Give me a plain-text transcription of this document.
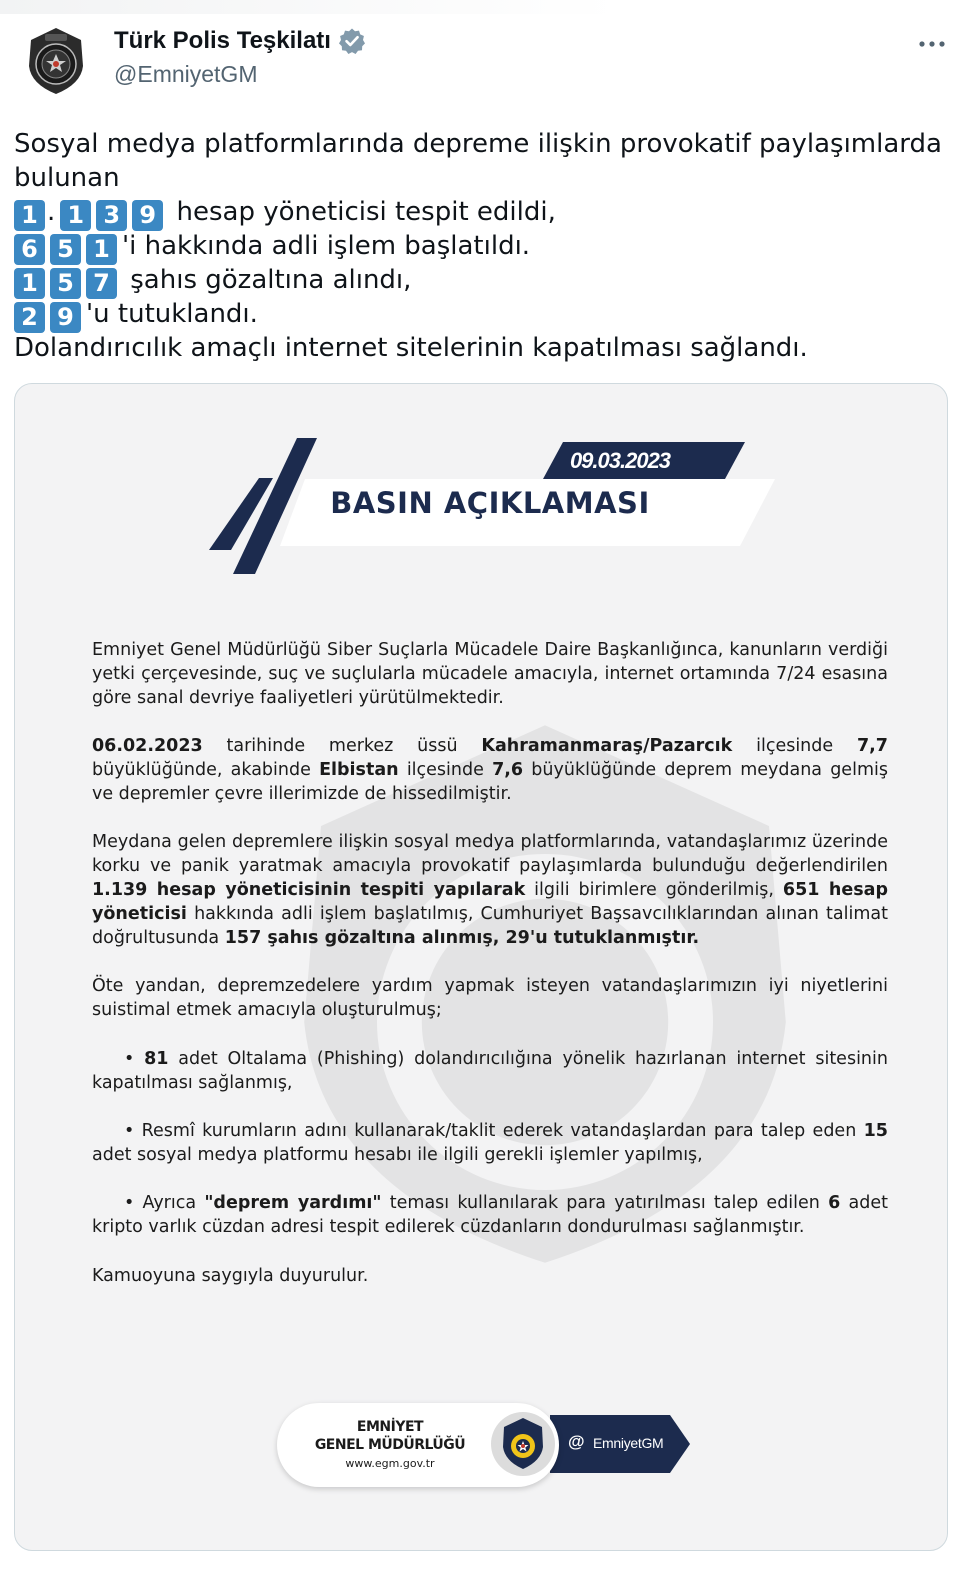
Türk Polis Teşkilatı
@EmniyetGM
Sosyal medya platformlarında depreme ilişkin provokatif paylaşımlarda
bulunan
1 . 1 3 9 hesap yöneticisi tespit edildi,
6 5 1 'i hakkında adli işlem başlatıldı.
1 5 7 şahıs gözaltına alındı,
2 9 'u tutuklandı.
Dolandırıcılık amaçlı internet sitelerinin kapatılması sağlandı.
09.03.2023
BASIN AÇIKLAMASI

Emniyet Genel Müdürlüğü Siber Suçlarla Mücadele Daire Başkanlığınca, kanunların verdiği yetki çerçevesinde, suç ve suçlularla mücadele amacıyla, internet ortamında 7/24 esasına göre sanal devriye faaliyetleri yürütülmektedir.

06.02.2023 tarihinde merkez üssü Kahramanmaraş/Pazarcık ilçesinde 7,7 büyüklüğünde, akabinde Elbistan ilçesinde 7,6 büyüklüğünde deprem meydana gelmiş ve depremler çevre illerimizde de hissedilmiştir.

Meydana gelen depremlere ilişkin sosyal medya platformlarında, vatandaşlarımız üzerinde korku ve panik yaratmak amacıyla provokatif paylaşımlarda bulunduğu değerlendirilen 1.139 hesap yöneticisinin tespiti yapılarak ilgili birimlere gönderilmiş, 651 hesap yöneticisi hakkında adli işlem başlatılmış, Cumhuriyet Başsavcılıklarından alınan talimat doğrultusunda 157 şahıs gözaltına alınmış, 29'u tutuklanmıştır.

Öte yandan, depremzedelere yardım yapmak isteyen vatandaşlarımızın iyi niyetlerini suistimal etmek amacıyla oluşturulmuş;

• 81 adet Oltalama (Phishing) dolandırıcılığına yönelik hazırlanan internet sitesinin kapatılması sağlanmış,

• Resmî kurumların adını kullanarak/taklit ederek vatandaşlardan para talep eden 15 adet sosyal medya platformu hesabı ile ilgili gerekli işlemler yapılmış,

• Ayrıca "deprem yardımı" teması kullanılarak para yatırılması talep edilen 6 adet kripto varlık cüzdan adresi tespit edilerek cüzdanların dondurulması sağlanmıştır.

Kamuoyuna saygıyla duyurulur.

@ EmniyetGM
EMNİYET
GENEL MÜDÜRLÜĞÜ
www.egm.gov.tr
